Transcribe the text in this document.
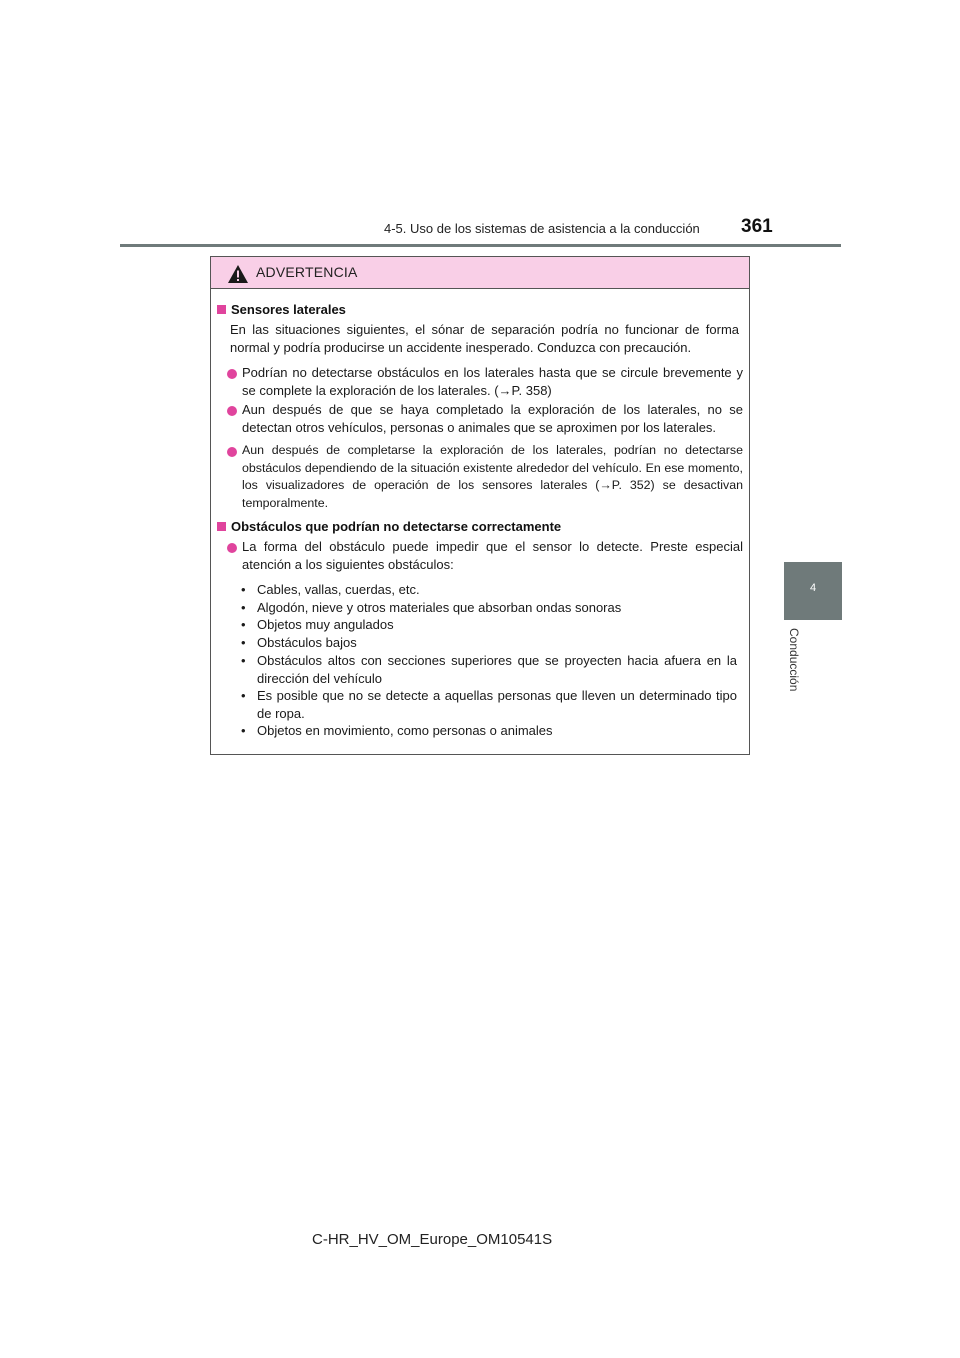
4-5. Uso de los sistemas de asistencia a la conducción 361
4
Conducción
ADVERTENCIA
Sensores laterales
En las situaciones siguientes, el sónar de separación podría no funcionar de forma normal y podría producirse un accidente inesperado. Conduzca con precaución.
Podrían no detectarse obstáculos en los laterales hasta que se circule brevemente y se complete la exploración de los laterales. (→P. 358)
Aun después de que se haya completado la exploración de los laterales, no se detectan otros vehículos, personas o animales que se aproximen por los laterales.
Aun después de completarse la exploración de los laterales, podrían no detectarse obstáculos dependiendo de la situación existente alrededor del vehículo. En ese momento, los visualizadores de operación de los sensores laterales (→P. 352) se desactivan temporalmente.
Obstáculos que podrían no detectarse correctamente
La forma del obstáculo puede impedir que el sensor lo detecte. Preste especial atención a los siguientes obstáculos:
• Cables, vallas, cuerdas, etc.
• Algodón, nieve y otros materiales que absorban ondas sonoras
• Objetos muy angulados
• Obstáculos bajos
• Obstáculos altos con secciones superiores que se proyecten hacia afuera en la dirección del vehículo
• Es posible que no se detecte a aquellas personas que lleven un determinado tipo de ropa.
• Objetos en movimiento, como personas o animales
C-HR_HV_OM_Europe_OM10541S
